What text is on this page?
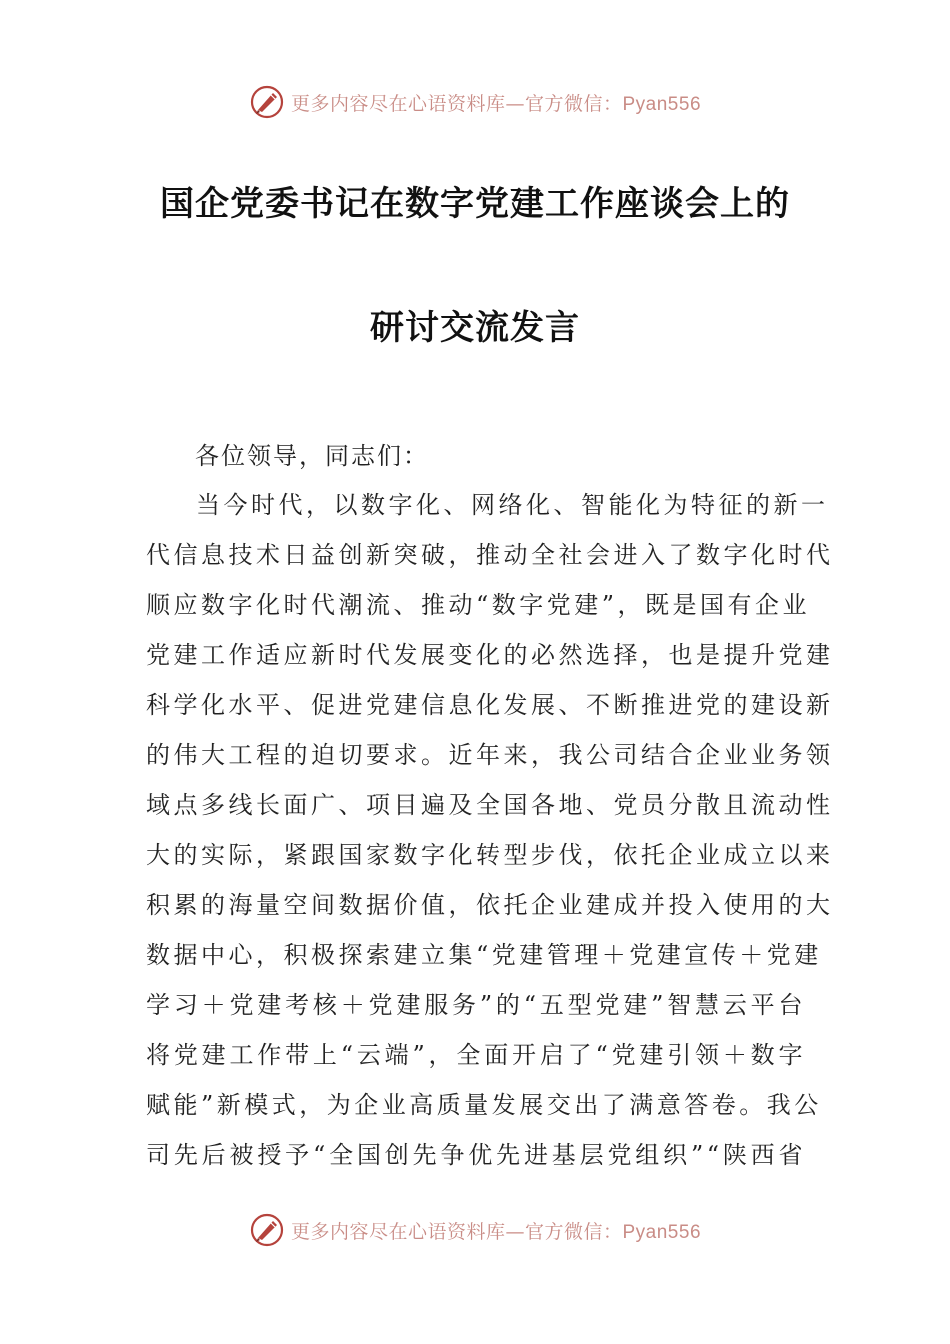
更多内容尽在心语资料库—官方微信：Pyan556
国企党委书记在数字党建工作座谈会上的
研讨交流发言
各位领导，同志们：
当今时代，以数字化、网络化、智能化为特征的新一
代信息技术日益创新突破，推动全社会进入了数字化时代
顺应数字化时代潮流、推动“数字党建”，既是国有企业
党建工作适应新时代发展变化的必然选择，也是提升党建
科学化水平、促进党建信息化发展、不断推进党的建设新
的伟大工程的迫切要求。近年来，我公司结合企业业务领
域点多线长面广、项目遍及全国各地、党员分散且流动性
大的实际，紧跟国家数字化转型步伐，依托企业成立以来
积累的海量空间数据价值，依托企业建成并投入使用的大
数据中心，积极探索建立集“党建管理＋党建宣传＋党建
学习＋党建考核＋党建服务”的“五型党建”智慧云平台
将党建工作带上“云端”，全面开启了“党建引领＋数字
赋能”新模式，为企业高质量发展交出了满意答卷。我公
司先后被授予“全国创先争优先进基层党组织”“陕西省
更多内容尽在心语资料库—官方微信：Pyan556
